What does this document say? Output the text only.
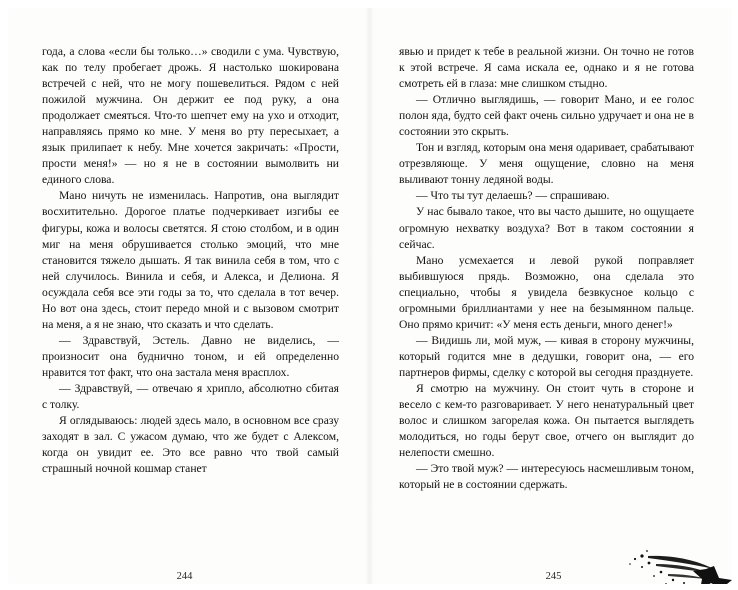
года, а слова «если бы только…» сводили с ума. Чувствую, как по телу пробегает дрожь. Я настолько шокирована встречей с ней, что не могу пошевелиться. Рядом с ней пожилой мужчина. Он держит ее под руку, а она продолжает смеяться. Что-то шепчет ему на ухо и отходит, направляясь прямо ко мне. У меня во рту пересыхает, а язык прилипает к небу. Мне хочется закричать: «Прости, прости меня!» — но я не в состоянии вымолвить ни единого слова.

Мано ничуть не изменилась. Напротив, она выглядит восхитительно. Дорогое платье подчеркивает изгибы ее фигуры, кожа и волосы светятся. Я стою столбом, и в один миг на меня обрушивается столько эмоций, что мне становится тяжело дышать. Я так винила себя в том, что с ней случилось. Винила и себя, и Алекса, и Делиона. Я осуждала себя все эти годы за то, что сделала в тот вечер. Но вот она здесь, стоит передо мной и с вызовом смотрит на меня, а я не знаю, что сказать и что сделать.

— Здравствуй, Эстель. Давно не виделись, — произносит она буднично тоном, и ей определенно нравится тот факт, что она застала меня врасплох.

— Здравствуй, — отвечаю я хрипло, абсолютно сбитая с толку.

Я оглядываюсь: людей здесь мало, в основном все сразу заходят в зал. С ужасом думаю, что же будет с Алексом, когда он увидит ее. Это все равно что твой самый страшный ночной кошмар станет

244

явью и придет к тебе в реальной жизни. Он точно не готов к этой встрече. Я сама искала ее, однако и я не готова смотреть ей в глаза: мне слишком стыдно.

— Отлично выглядишь, — говорит Мано, и ее голос полон яда, будто сей факт очень сильно удручает и она не в состоянии это скрыть.

Тон и взгляд, которым она меня одаривает, срабатывают отрезвляюще. У меня ощущение, словно на меня выливают тонну ледяной воды.

— Что ты тут делаешь? — спрашиваю.

У нас бывало такое, что вы часто дышите, но ощущаете огромную нехватку воздуха? Вот в таком состоянии я сейчас.

Мано усмехается и левой рукой поправляет выбившуюся прядь. Возможно, она сделала это специально, чтобы я увидела безвкусное кольцо с огромными бриллиантами у нее на безымянном пальце. Оно прямо кричит: «У меня есть деньги, много денег!»

— Видишь ли, мой муж, — кивая в сторону мужчины, который годится мне в дедушки, говорит она, — его партнеров фирмы, сделку с которой вы сегодня празднуете.

Я смотрю на мужчину. Он стоит чуть в стороне и весело с кем-то разговаривает. У него ненатуральный цвет волос и слишком загорелая кожа. Он пытается выглядеть молодиться, но годы берут свое, отчего он выглядит до нелепости смешно.

— Это твой муж? — интересуюсь насмешливым тоном, который не в состоянии сдержать.

245
